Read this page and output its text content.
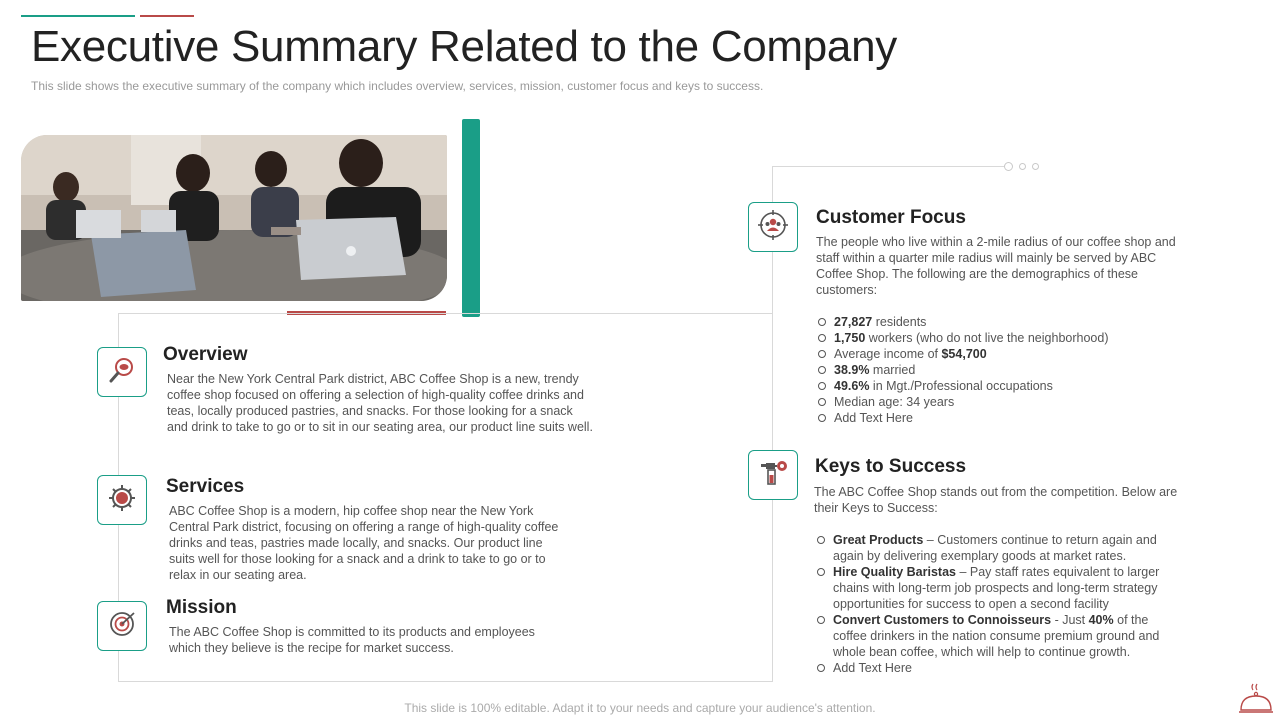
Executive Summary Related to the Company
This slide shows the executive summary of the company which includes overview, services, mission, customer focus and keys to success.
Overview
Near the New York Central Park district, ABC Coffee Shop is a new, trendy coffee shop focused on offering a selection of high-quality coffee drinks and teas, locally produced pastries, and snacks. For those looking for a snack and drink to take to go or to sit in our seating area, our product line suits well.
Services
ABC Coffee Shop is a modern, hip coffee shop near the New York Central Park district, focusing on offering a range of high-quality coffee drinks and teas, pastries made locally, and snacks. Our product line suits well for those looking for a snack and a drink to take to go or to relax in our seating area.
Mission
The ABC Coffee Shop is committed to its products and employees which they believe is the recipe for market success.
Customer Focus
The people who live within a 2-mile radius of our coffee shop and staff within a quarter mile radius will mainly be served by ABC Coffee Shop. The following are the demographics of these customers:
27,827 residents
1,750 workers (who do not live the neighborhood)
Average income of $54,700
38.9% married
49.6% in Mgt./Professional occupations
Median age: 34 years
Add Text Here
Keys to Success
The ABC Coffee Shop stands out from the competition. Below are their Keys to Success:
Great Products – Customers continue to return again and again by delivering exemplary goods at market rates.
Hire Quality Baristas – Pay staff rates equivalent to larger chains with long-term job prospects and long-term strategy opportunities for success to open a second facility
Convert Customers to Connoisseurs - Just 40% of the coffee drinkers in the nation consume premium ground and whole bean coffee, which will help to continue growth.
Add Text Here
This slide is 100% editable. Adapt it to your needs and capture your audience's attention.
